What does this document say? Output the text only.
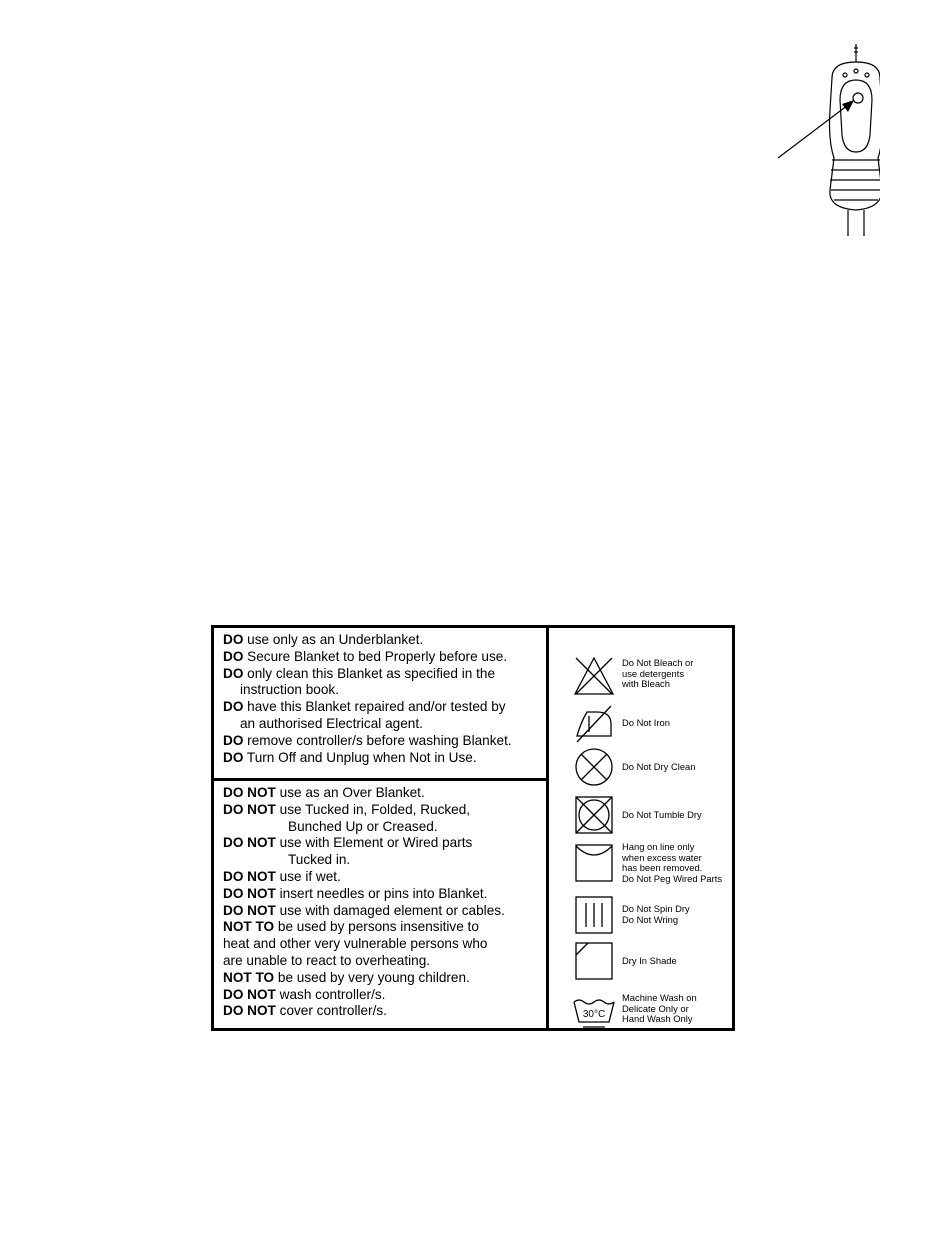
DO use only as an Underblanket.
DO Secure Blanket to bed Properly before use.
DO only clean this Blanket as specified in the
instruction book.
DO have this Blanket repaired and/or tested by
an authorised Electrical agent.
DO remove controller/s before washing Blanket.
DO Turn Off and Unplug when Not in Use.
DO NOT use as an Over Blanket.
DO NOT use Tucked in, Folded, Rucked,
Bunched Up or Creased.
DO NOT use with Element or Wired parts
Tucked in.
DO NOT use if wet.
DO NOT insert needles or pins into Blanket.
DO NOT use with damaged element or cables.
NOT TO be used by persons insensitive to
heat and other very vulnerable persons who
are unable to react to overheating.
NOT TO be used by very young children.
DO NOT wash controller/s.
DO NOT cover controller/s.
Do Not Bleach or
use detergents
with Bleach
Do Not Iron
Do Not Dry Clean
Do Not Tumble Dry
Hang on line only
when excess water
has been removed.
Do Not Peg Wired Parts
Do Not Spin Dry
Do Not Wring
Dry In Shade
30°C
Machine Wash on
Delicate Only or
Hand Wash Only
